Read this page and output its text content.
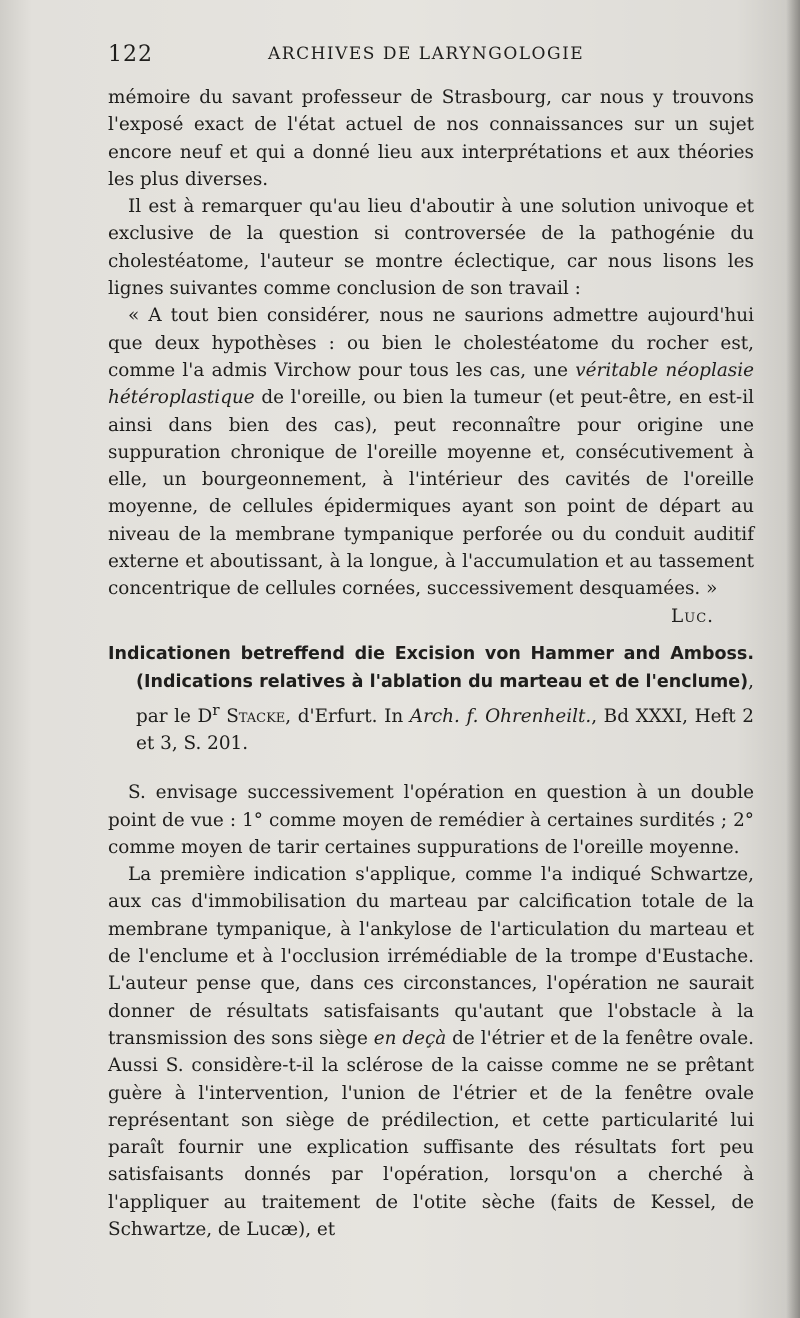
122	ARCHIVES DE LARYNGOLOGIE

mémoire du savant professeur de Strasbourg, car nous y trouvons l'exposé exact de l'état actuel de nos connaissances sur un sujet encore neuf et qui a donné lieu aux interprétations et aux théories les plus diverses.

Il est à remarquer qu'au lieu d'aboutir à une solution univoque et exclusive de la question si controversée de la pathogénie du cholestéatome, l'auteur se montre éclectique, car nous lisons les lignes suivantes comme conclusion de son travail :

« A tout bien considérer, nous ne saurions admettre aujourd'hui que deux hypothèses : ou bien le cholestéatome du rocher est, comme l'a admis Virchow pour tous les cas, une véritable néoplasie hétéroplastique de l'oreille, ou bien la tumeur (et peut-être, en est-il ainsi dans bien des cas), peut reconnaître pour origine une suppuration chronique de l'oreille moyenne et, consécutivement à elle, un bourgeonnement, à l'intérieur des cavités de l'oreille moyenne, de cellules épidermiques ayant son point de départ au niveau de la membrane tympanique perforée ou du conduit auditif externe et aboutissant, à la longue, à l'accumulation et au tassement concentrique de cellules cornées, successivement desquamées. »

Luc.

Indicationen betreffend die Excision von Hammer and Amboss. (Indications relatives à l'ablation du marteau et de l'enclume), par le $D^r$ Stacke, d'Erfurt. In Arch. f. Ohrenheilt., Bd XXXI, Heft 2 et 3, S. 201.

S. envisage successivement l'opération en question à un double point de vue : 1° comme moyen de remédier à certaines surdités ; 2° comme moyen de tarir certaines suppurations de l'oreille moyenne.

La première indication s'applique, comme l'a indiqué Schwartze, aux cas d'immobilisation du marteau par calcification totale de la membrane tympanique, à l'ankylose de l'articulation du marteau et de l'enclume et à l'occlusion irrémédiable de la trompe d'Eustache. L'auteur pense que, dans ces circonstances, l'opération ne saurait donner de résultats satisfaisants qu'autant que l'obstacle à la transmission des sons siège en deçà de l'étrier et de la fenêtre ovale. Aussi S. considère-t-il la sclérose de la caisse comme ne se prêtant guère à l'intervention, l'union de l'étrier et de la fenêtre ovale représentant son siège de prédilection, et cette particularité lui paraît fournir une explication suffisante des résultats fort peu satisfaisants donnés par l'opération, lorsqu'on a cherché à l'appliquer au traitement de l'otite sèche (faits de Kessel, de Schwartze, de Lucæ), et
